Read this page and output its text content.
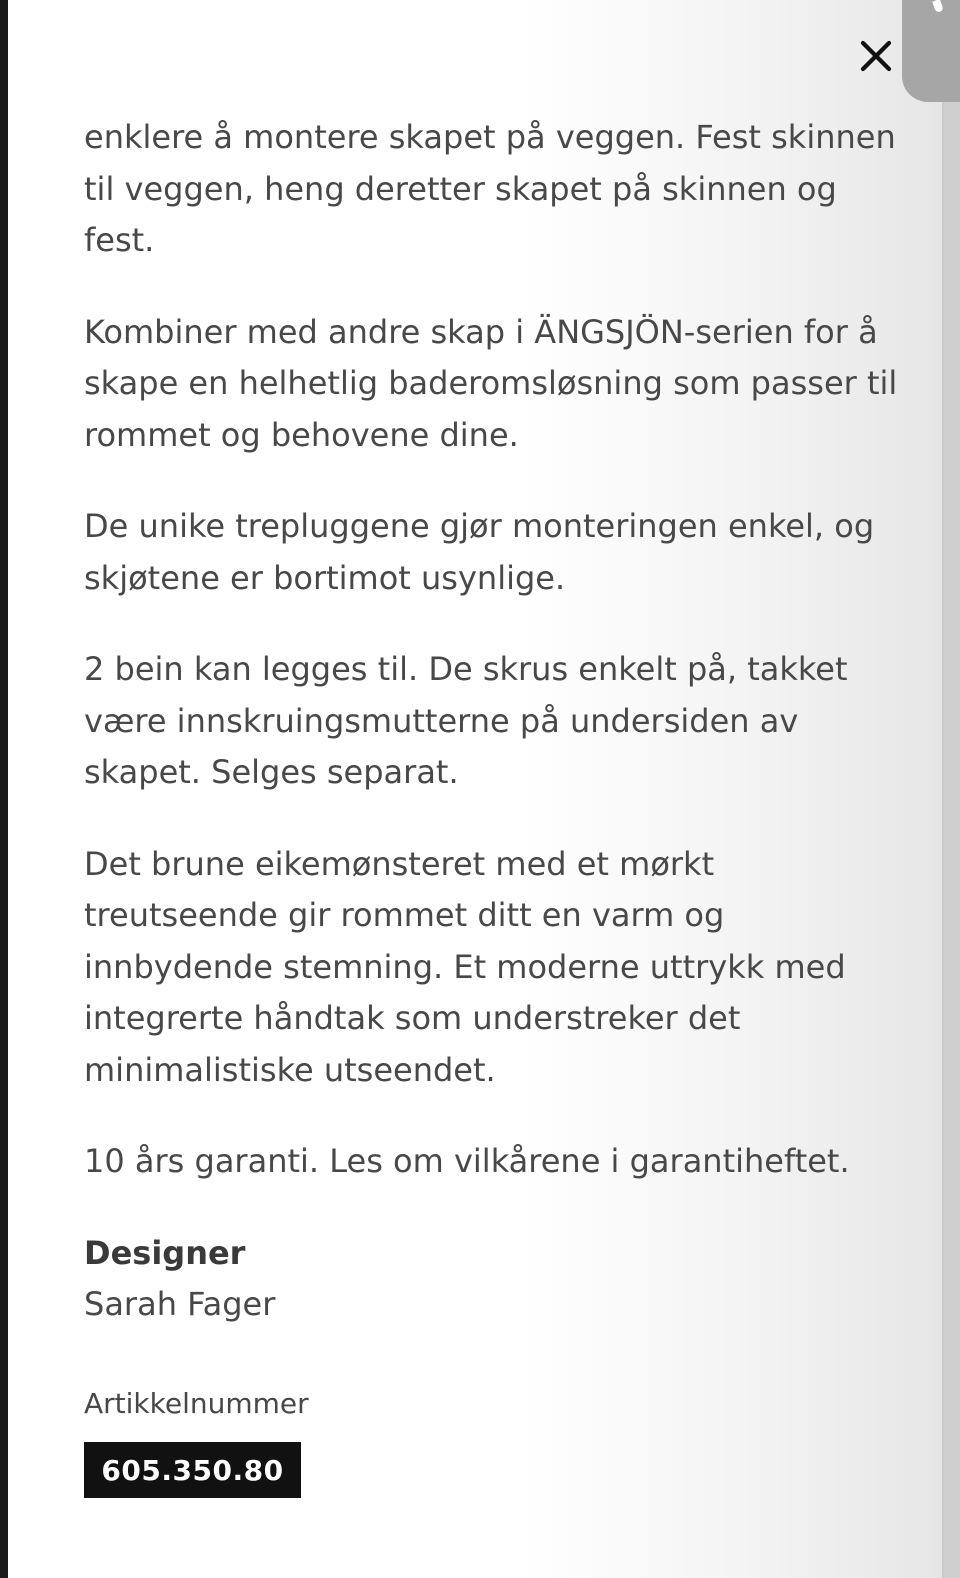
enklere å montere skapet på veggen. Fest skinnen til veggen, heng deretter skapet på skinnen og fest.

Kombiner med andre skap i ÄNGSJÖN-serien for å skape en helhetlig baderomsløsning som passer til rommet og behovene dine.

De unike trepluggene gjør monteringen enkel, og skjøtene er bortimot usynlige.

2 bein kan legges til. De skrus enkelt på, takket være innskruingsmutterne på undersiden av skapet. Selges separat.

Det brune eikemønsteret med et mørkt treutseende gir rommet ditt en varm og innbydende stemning. Et moderne uttrykk med integrerte håndtak som understreker det minimalistiske utseendet.

10 års garanti. Les om vilkårene i garantiheftet.

Designer

Sarah Fager

Artikkelnummer

605.350.80
